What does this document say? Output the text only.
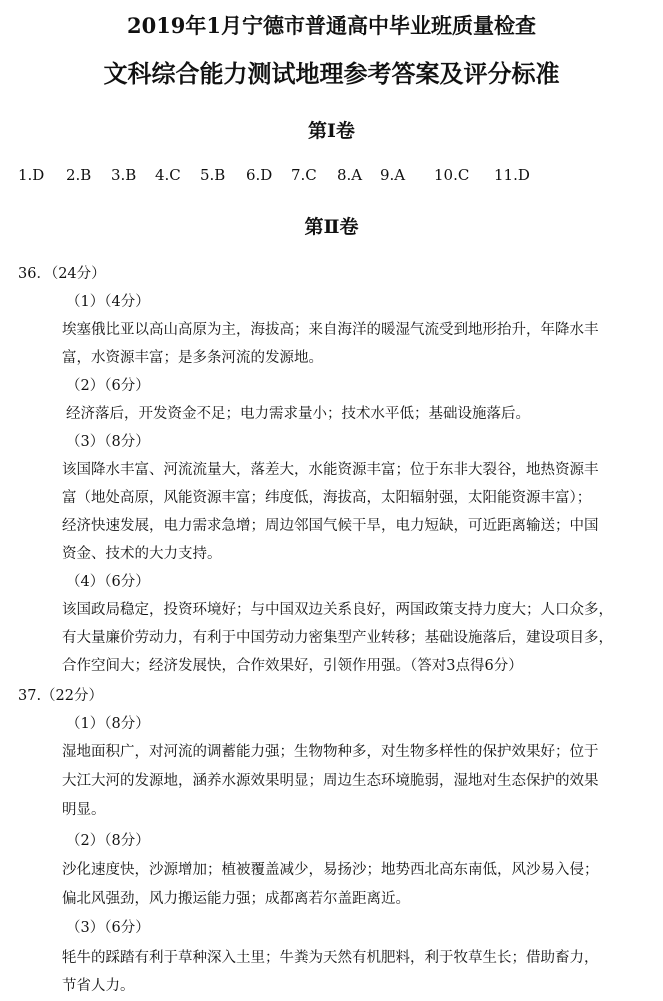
2019年1月宁德市普通高中毕业班质量检查
文科综合能力测试地理参考答案及评分标准
第Ⅰ卷
1.D 2.B 3.B 4.C 5.B 6.D 7.C 8.A 9.A 10.C 11.D
第Ⅱ卷
36．（24分）
（1）（4分）
埃塞俄比亚以高山高原为主，海拔高；来自海洋的暖湿气流受到地形抬升，年降水丰
富，水资源丰富；是多条河流的发源地。
（2）（6分）
经济落后，开发资金不足；电力需求量小；技术水平低；基础设施落后。
（3）（8分）
该国降水丰富、河流流量大，落差大，水能资源丰富；位于东非大裂谷，地热资源丰
富（地处高原，风能资源丰富；纬度低，海拔高，太阳辐射强，太阳能资源丰富）；
经济快速发展，电力需求急增；周边邻国气候干旱，电力短缺，可近距离输送；中国
资金、技术的大力支持。
（4）（6分）
该国政局稳定，投资环境好；与中国双边关系良好，两国政策支持力度大；人口众多，
有大量廉价劳动力，有利于中国劳动力密集型产业转移；基础设施落后，建设项目多，
合作空间大；经济发展快，合作效果好，引领作用强。（答对3点得6分）
37.（22分）
（1）（8分）
湿地面积广，对河流的调蓄能力强；生物物种多，对生物多样性的保护效果好；位于
大江大河的发源地，涵养水源效果明显；周边生态环境脆弱，湿地对生态保护的效果
明显。
（2）（8分）
沙化速度快，沙源增加；植被覆盖减少，易扬沙；地势西北高东南低，风沙易入侵；
偏北风强劲，风力搬运能力强；成都离若尔盖距离近。
（3）（6分）
牦牛的踩踏有利于草种深入土里；牛粪为天然有机肥料，利于牧草生长；借助畜力，
节省人力。
